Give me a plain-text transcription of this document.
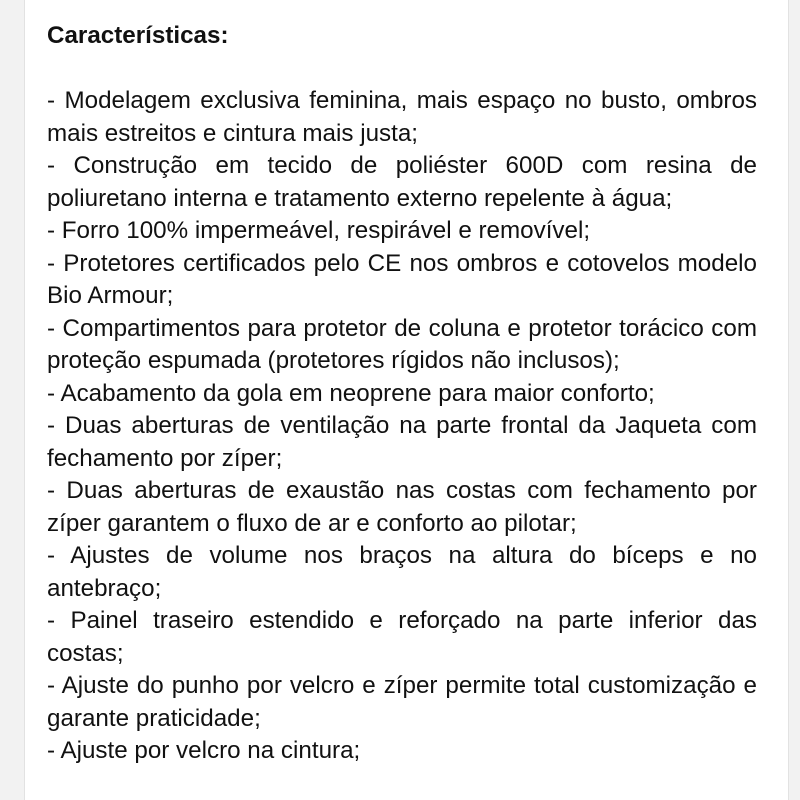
Características:

- Modelagem exclusiva feminina, mais espaço no busto, ombros mais estreitos e cintura mais justa;

- Construção em tecido de poliéster 600D com resina de poliuretano interna e tratamento externo repelente à água;

- Forro 100% impermeável, respirável e removível;

- Protetores certificados pelo CE nos ombros e cotovelos modelo Bio Armour;

- Compartimentos para protetor de coluna e protetor torácico com proteção espumada (protetores rígidos não inclusos);

- Acabamento da gola em neoprene para maior conforto;

- Duas aberturas de ventilação na parte frontal da Jaqueta com fechamento por zíper;

- Duas aberturas de exaustão nas costas com fechamento por zíper garantem o fluxo de ar e conforto ao pilotar;

- Ajustes de volume nos braços na altura do bíceps e no antebraço;

- Painel traseiro estendido e reforçado na parte inferior das costas;

- Ajuste do punho por velcro e zíper permite total customização e garante praticidade;

- Ajuste por velcro na cintura;
